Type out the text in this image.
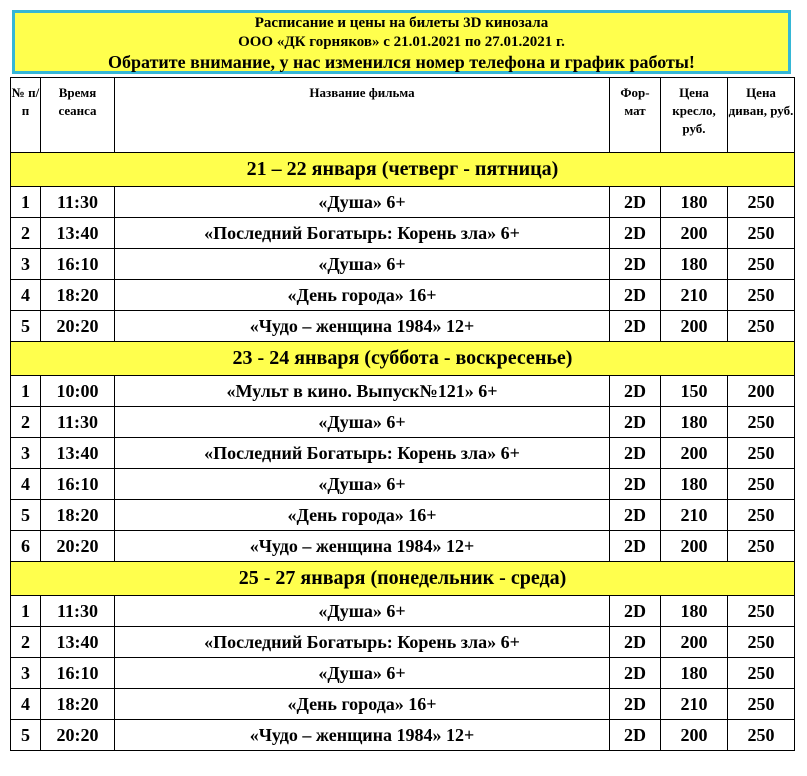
Расписание и цены на билеты 3D кинозала
ООО «ДК горняков» с 21.01.2021 по 27.01.2021 г.
Обратите внимание, у нас изменился номер телефона и график работы!
№ п/п	Время сеанса	Название фильма	Фор- мат	Цена кресло, руб.	Цена диван, руб.
21 – 22 января (четверг - пятница)					
1	11:30	«Душа» 6+	2D	180	250
2	13:40	«Последний Богатырь: Корень зла» 6+	2D	200	250
3	16:10	«Душа» 6+	2D	180	250
4	18:20	«День города» 16+	2D	210	250
5	20:20	«Чудо – женщина 1984» 12+	2D	200	250
23 - 24 января (суббота - воскресенье)					
1	10:00	«Мульт в кино. Выпуск№121» 6+	2D	150	200
2	11:30	«Душа» 6+	2D	180	250
3	13:40	«Последний Богатырь: Корень зла» 6+	2D	200	250
4	16:10	«Душа» 6+	2D	180	250
5	18:20	«День города» 16+	2D	210	250
6	20:20	«Чудо – женщина 1984» 12+	2D	200	250
25 - 27 января (понедельник - среда)					
1	11:30	«Душа» 6+	2D	180	250
2	13:40	«Последний Богатырь: Корень зла» 6+	2D	200	250
3	16:10	«Душа» 6+	2D	180	250
4	18:20	«День города» 16+	2D	210	250
5	20:20	«Чудо – женщина 1984» 12+	2D	200	250
